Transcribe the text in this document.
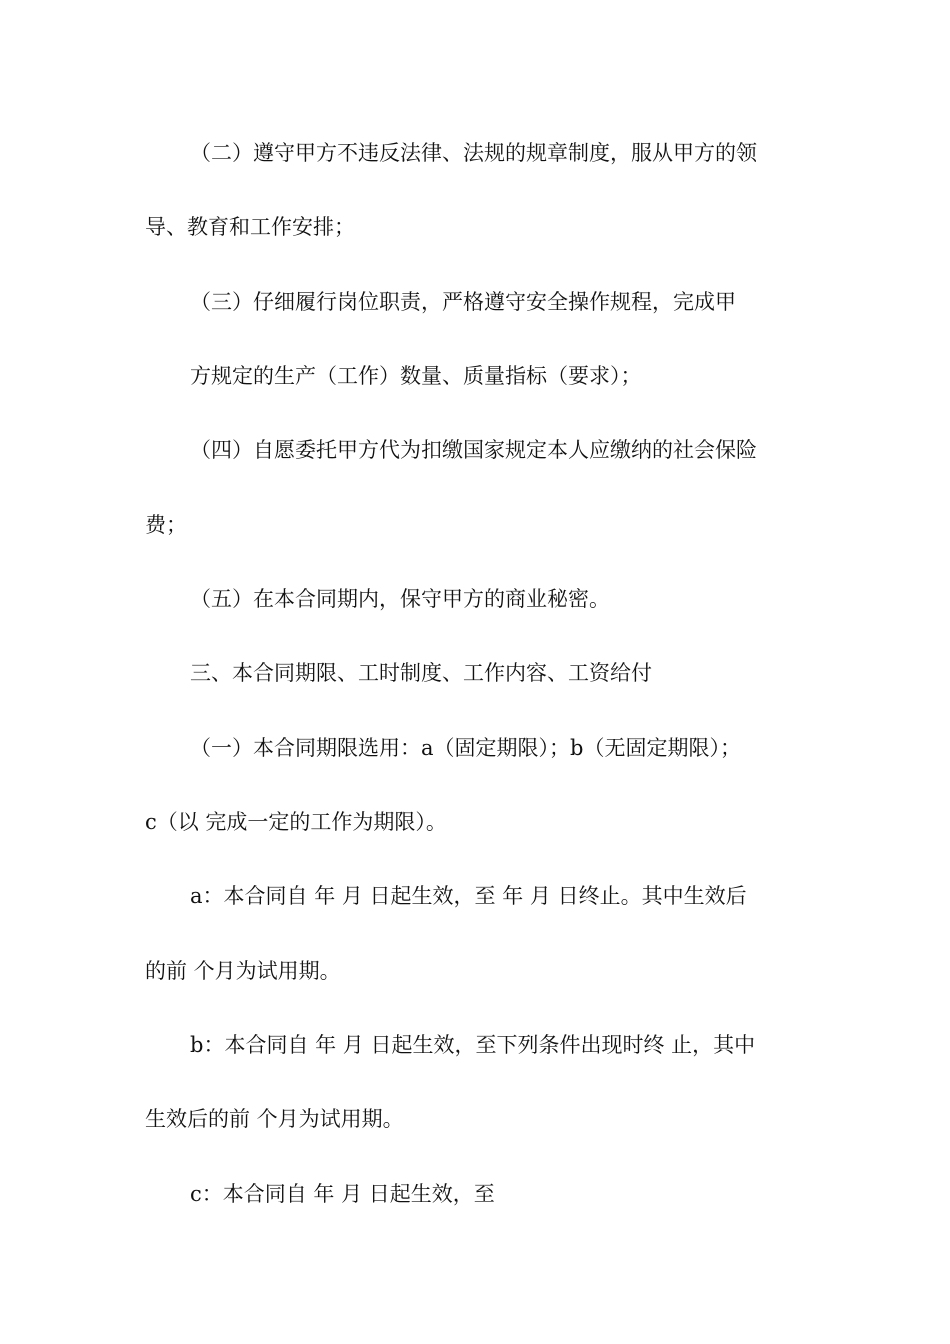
（二）遵守甲方不违反法律、法规的规章制度，服从甲方的领

导、教育和工作安排；

（三）仔细履行岗位职责，严格遵守安全操作规程，完成甲

方规定的生产（工作）数量、质量指标（要求）；

（四）自愿委托甲方代为扣缴国家规定本人应缴纳的社会保险

费；

（五）在本合同期内，保守甲方的商业秘密。

三、本合同期限、工时制度、工作内容、工资给付

（一）本合同期限选用：a（固定期限）；b（无固定期限）；

c（以 完成一定的工作为期限）。

a：本合同自 年 月 日起生效，至 年 月 日终止。其中生效后

的前 个月为试用期。

b：本合同自 年 月 日起生效，至下列条件出现时终 止，其中

生效后的前 个月为试用期。

c：本合同自 年 月 日起生效，至
